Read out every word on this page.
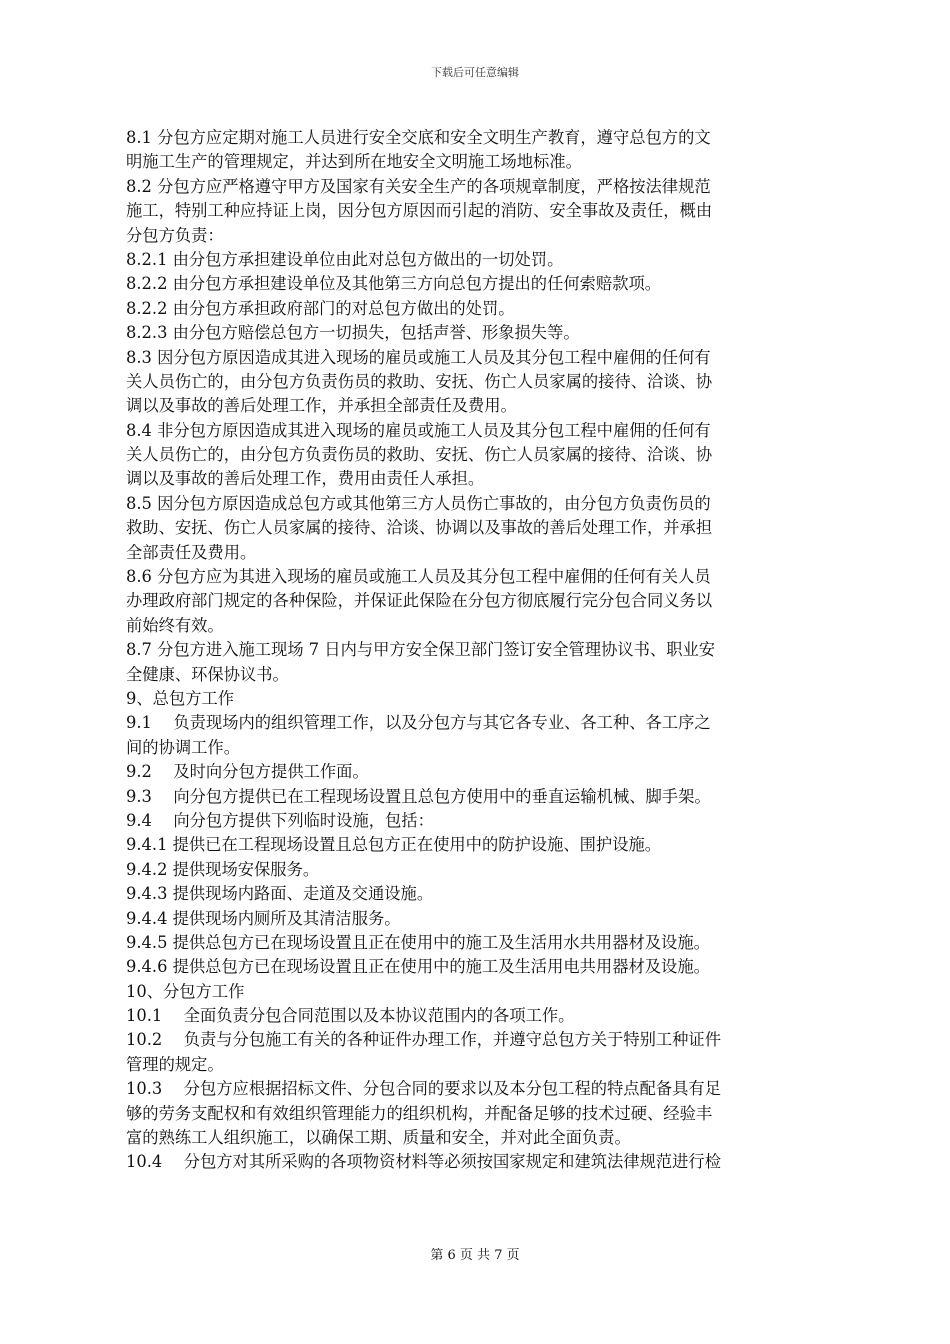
下载后可任意编辑
8.1 分包方应定期对施工人员进行安全交底和安全文明生产教育，遵守总包方的文
明施工生产的管理规定，并达到所在地安全文明施工场地标准。
8.2 分包方应严格遵守甲方及国家有关安全生产的各项规章制度，严格按法律规范
施工，特别工种应持证上岗，因分包方原因而引起的消防、安全事故及责任，概由
分包方负责：
8.2.1 由分包方承担建设单位由此对总包方做出的一切处罚。
8.2.2 由分包方承担建设单位及其他第三方向总包方提出的任何索赔款项。
8.2.2 由分包方承担政府部门的对总包方做出的处罚。
8.2.3 由分包方赔偿总包方一切损失，包括声誉、形象损失等。
8.3 因分包方原因造成其进入现场的雇员或施工人员及其分包工程中雇佣的任何有
关人员伤亡的，由分包方负责伤员的救助、安抚、伤亡人员家属的接待、洽谈、协
调以及事故的善后处理工作，并承担全部责任及费用。
8.4 非分包方原因造成其进入现场的雇员或施工人员及其分包工程中雇佣的任何有
关人员伤亡的，由分包方负责伤员的救助、安抚、伤亡人员家属的接待、洽谈、协
调以及事故的善后处理工作，费用由责任人承担。
8.5 因分包方原因造成总包方或其他第三方人员伤亡事故的，由分包方负责伤员的
救助、安抚、伤亡人员家属的接待、洽谈、协调以及事故的善后处理工作，并承担
全部责任及费用。
8.6 分包方应为其进入现场的雇员或施工人员及其分包工程中雇佣的任何有关人员
办理政府部门规定的各种保险，并保证此保险在分包方彻底履行完分包合同义务以
前始终有效。
8.7 分包方进入施工现场 7 日内与甲方安全保卫部门签订安全管理协议书、职业安
全健康、环保协议书。
9、总包方工作
9.1　 负责现场内的组织管理工作，以及分包方与其它各专业、各工种、各工序之
间的协调工作。
9.2　 及时向分包方提供工作面。
9.3　 向分包方提供已在工程现场设置且总包方使用中的垂直运输机械、脚手架。
9.4　 向分包方提供下列临时设施，包括：
9.4.1 提供已在工程现场设置且总包方正在使用中的防护设施、围护设施。
9.4.2 提供现场安保服务。
9.4.3 提供现场内路面、走道及交通设施。
9.4.4 提供现场内厕所及其清洁服务。
9.4.5 提供总包方已在现场设置且正在使用中的施工及生活用水共用器材及设施。
9.4.6 提供总包方已在现场设置且正在使用中的施工及生活用电共用器材及设施。
10、分包方工作
10.1　 全面负责分包合同范围以及本协议范围内的各项工作。
10.2　 负责与分包施工有关的各种证件办理工作，并遵守总包方关于特别工种证件
管理的规定。
10.3　 分包方应根据招标文件、分包合同的要求以及本分包工程的特点配备具有足
够的劳务支配权和有效组织管理能力的组织机构，并配备足够的技术过硬、经验丰
富的熟练工人组织施工，以确保工期、质量和安全，并对此全面负责。
10.4　 分包方对其所采购的各项物资材料等必须按国家规定和建筑法律规范进行检
第 6 页 共 7 页
